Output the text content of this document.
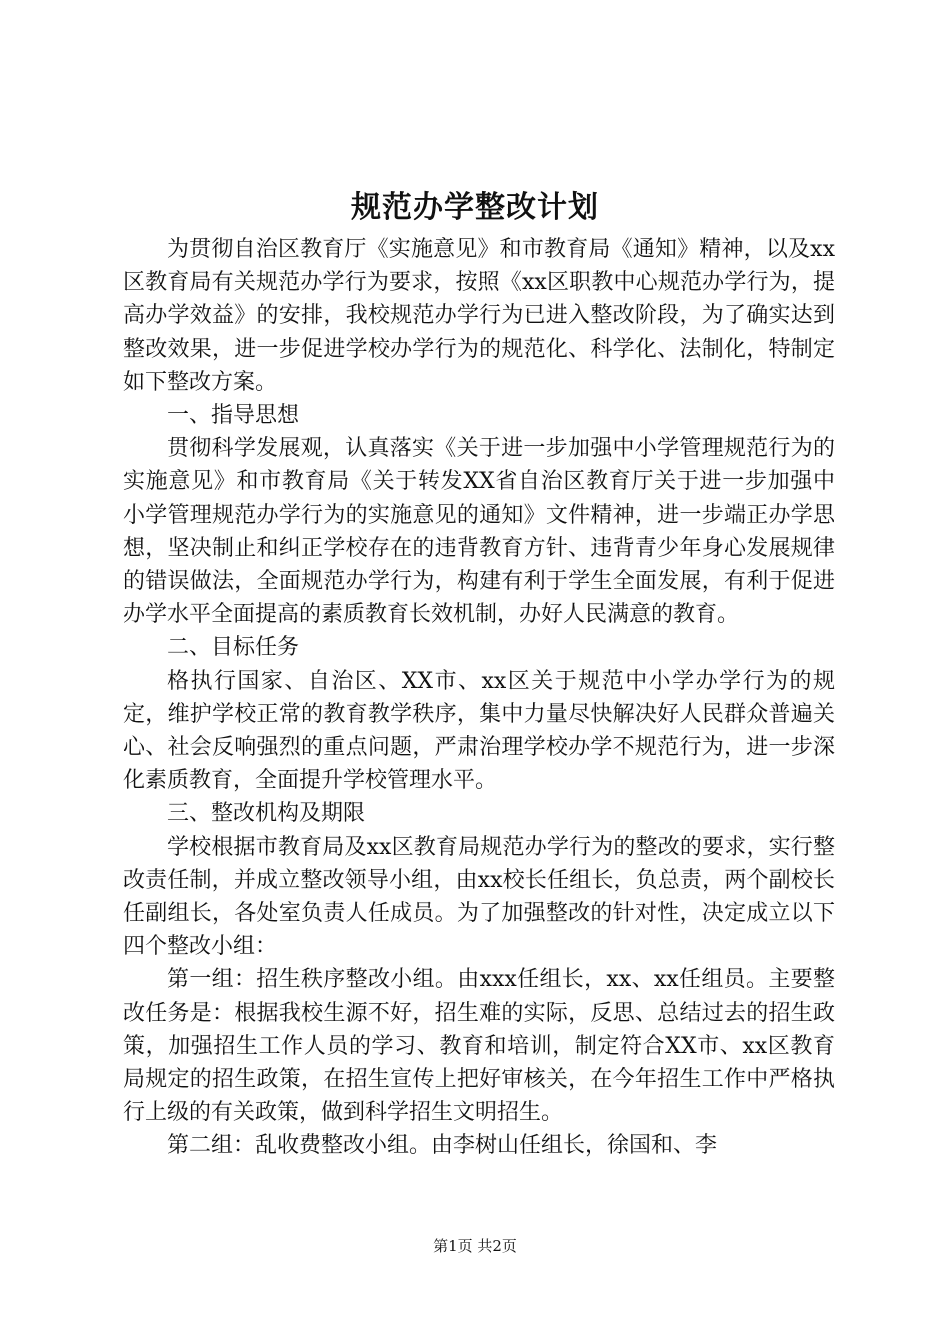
规范办学整改计划

为贯彻自治区教育厅《实施意见》和市教育局《通知》精神，以及xx区教育局有关规范办学行为要求，按照《xx区职教中心规范办学行为，提高办学效益》的安排，我校规范办学行为已进入整改阶段，为了确实达到整改效果，进一步促进学校办学行为的规范化、科学化、法制化，特制定如下整改方案。

一、指导思想

贯彻科学发展观，认真落实《关于进一步加强中小学管理规范行为的实施意见》和市教育局《关于转发XX省自治区教育厅关于进一步加强中小学管理规范办学行为的实施意见的通知》文件精神，进一步端正办学思想，坚决制止和纠正学校存在的违背教育方针、违背青少年身心发展规律的错误做法，全面规范办学行为，构建有利于学生全面发展，有利于促进办学水平全面提高的素质教育长效机制，办好人民满意的教育。

二、目标任务

格执行国家、自治区、XX市、xx区关于规范中小学办学行为的规定，维护学校正常的教育教学秩序，集中力量尽快解决好人民群众普遍关心、社会反响强烈的重点问题，严肃治理学校办学不规范行为，进一步深化素质教育，全面提升学校管理水平。

三、整改机构及期限

学校根据市教育局及xx区教育局规范办学行为的整改的要求，实行整改责任制，并成立整改领导小组，由xx校长任组长，负总责，两个副校长任副组长，各处室负责人任成员。为了加强整改的针对性，决定成立以下四个整改小组：

第一组：招生秩序整改小组。由xxx任组长，xx、xx任组员。主要整改任务是：根据我校生源不好，招生难的实际，反思、总结过去的招生政策，加强招生工作人员的学习、教育和培训，制定符合XX市、xx区教育局规定的招生政策，在招生宣传上把好审核关，在今年招生工作中严格执行上级的有关政策，做到科学招生文明招生。

第二组：乱收费整改小组。由李树山任组长，徐国和、李

第1页 共2页
